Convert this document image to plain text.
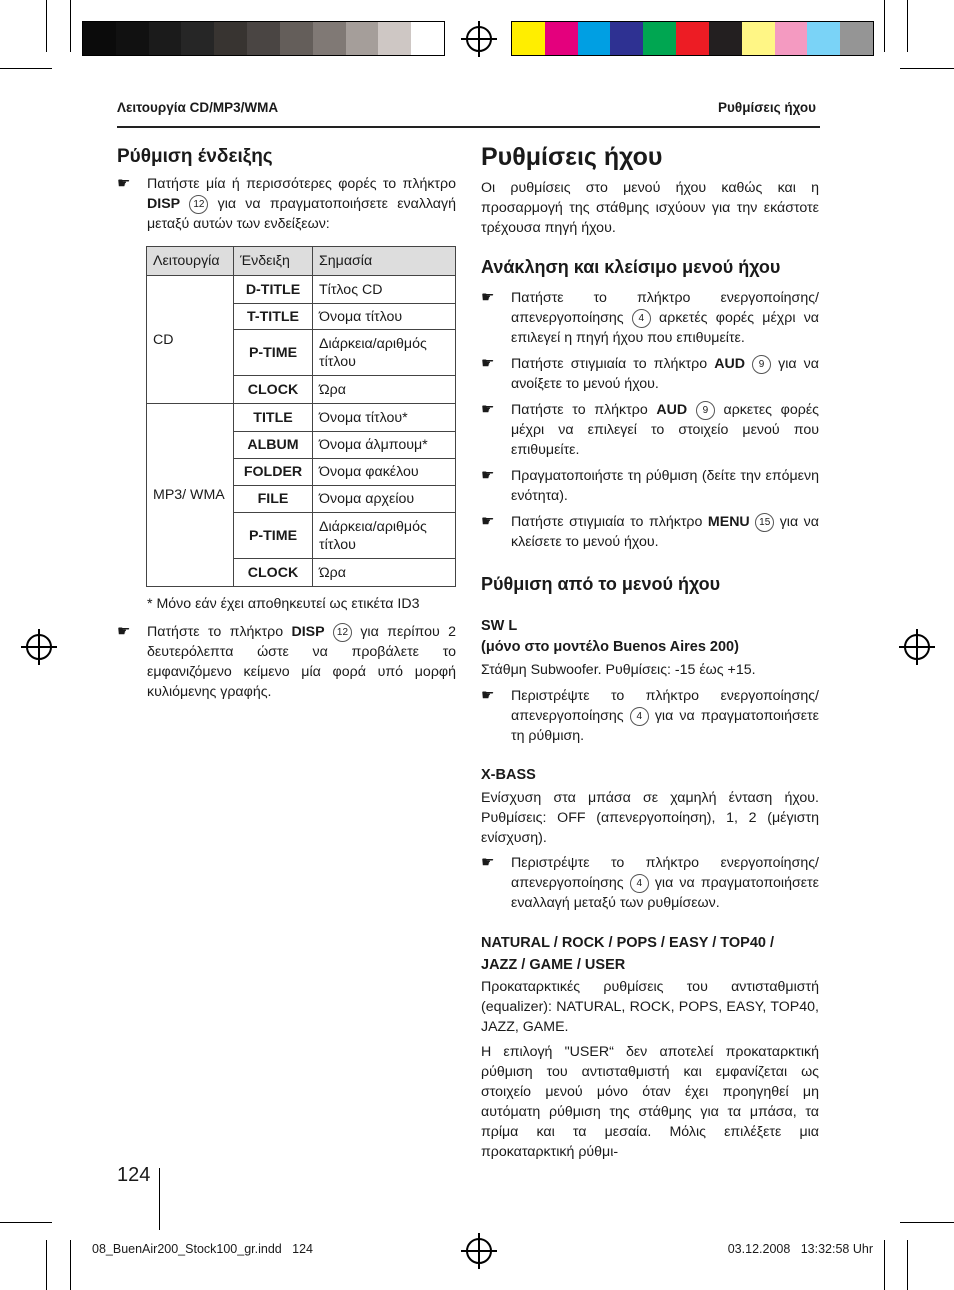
Λειτουργία CD/MP3/WMA	Ρυθμίσεις ήχου
Ρύθμιση ένδειξης
☛ Πατήστε μία ή περισσότερες φορές το πλήκτρο DISP 12 για να πραγματοποιήσετε εναλλαγή μεταξύ αυτών των ενδείξεων:
Λειτουργία	Ένδειξη	Σημασία
CD	D-TITLE	Τίτλος CD
	T-TITLE	Όνομα τίτλου
	P-TIME	Διάρκεια/αριθμός τίτλου
	CLOCK	Ώρα
MP3/ WMA	TITLE	Όνομα τίτλου*
	ALBUM	Όνομα άλμπουμ*
	FOLDER	Όνομα φακέλου
	FILE	Όνομα αρχείου
	P-TIME	Διάρκεια/αριθμός τίτλου
	CLOCK	Ώρα
* Μόνο εάν έχει αποθηκευτεί ως ετικέτα ID3
☛ Πατήστε το πλήκτρο DISP 12 για περίπου 2 δευτερόλεπτα ώστε να προβάλετε το εμφανιζόμενο κείμενο μία φορά υπό μορφή κυλιόμενης γραφής.
Ρυθμίσεις ήχου
Οι ρυθμίσεις στο μενού ήχου καθώς και η προσαρμογή της στάθμης ισχύουν για την εκάστοτε τρέχουσα πηγή ήχου.
Ανάκληση και κλείσιμο μενού ήχου
☛ Πατήστε το πλήκτρο ενεργοποίησης/απενεργοποίησης 4 αρκετές φορές μέχρι να επιλεγεί η πηγή ήχου που επιθυμείτε.
☛ Πατήστε στιγμιαία το πλήκτρο AUD 9 για να ανοίξετε το μενού ήχου.
☛ Πατήστε το πλήκτρο AUD 9 αρκετες φορές μέχρι να επιλεγεί το στοιχείο μενού που επιθυμείτε.
☛ Πραγματοποιήστε τη ρύθμιση (δείτε την επόμενη ενότητα).
☛ Πατήστε στιγμιαία το πλήκτρο MENU 15 για να κλείσετε το μενού ήχου.
Ρύθμιση από το μενού ήχου
SW L
(μόνο στο μοντέλο Buenos Aires 200)
Στάθμη Subwoofer. Ρυθμίσεις: -15 έως +15.
☛ Περιστρέψτε το πλήκτρο ενεργοποίησης/απενεργοποίησης 4 για να πραγματοποιήσετε τη ρύθμιση.
X-BASS
Ενίσχυση στα μπάσα σε χαμηλή ένταση ήχου. Ρυθμίσεις: OFF (απενεργοποίηση), 1, 2 (μέγιστη ενίσχυση).
☛ Περιστρέψτε το πλήκτρο ενεργοποίησης/απενεργοποίησης 4 για να πραγματοποιήσετε εναλλαγή μεταξύ των ρυθμίσεων.
NATURAL / ROCK / POPS / EASY / TOP40 /
JAZZ / GAME / USER
Προκαταρκτικές ρυθμίσεις του αντισταθμιστή (equalizer): NATURAL, ROCK, POPS, EASY, TOP40, JAZZ, GAME.
Η επιλογή "USER“ δεν αποτελεί προκαταρκτική ρύθμιση του αντισταθμιστή και εμφανίζεται ως στοιχείο μενού μόνο όταν έχει προηγηθεί μη αυτόματη ρύθμιση της στάθμης για τα μπάσα, τα πρίμα και τα μεσαία. Μόλις επιλέξετε μια προκαταρκτική ρύθμι-
124
08_BuenAir200_Stock100_gr.indd   124	03.12.2008   13:32:58 Uhr
